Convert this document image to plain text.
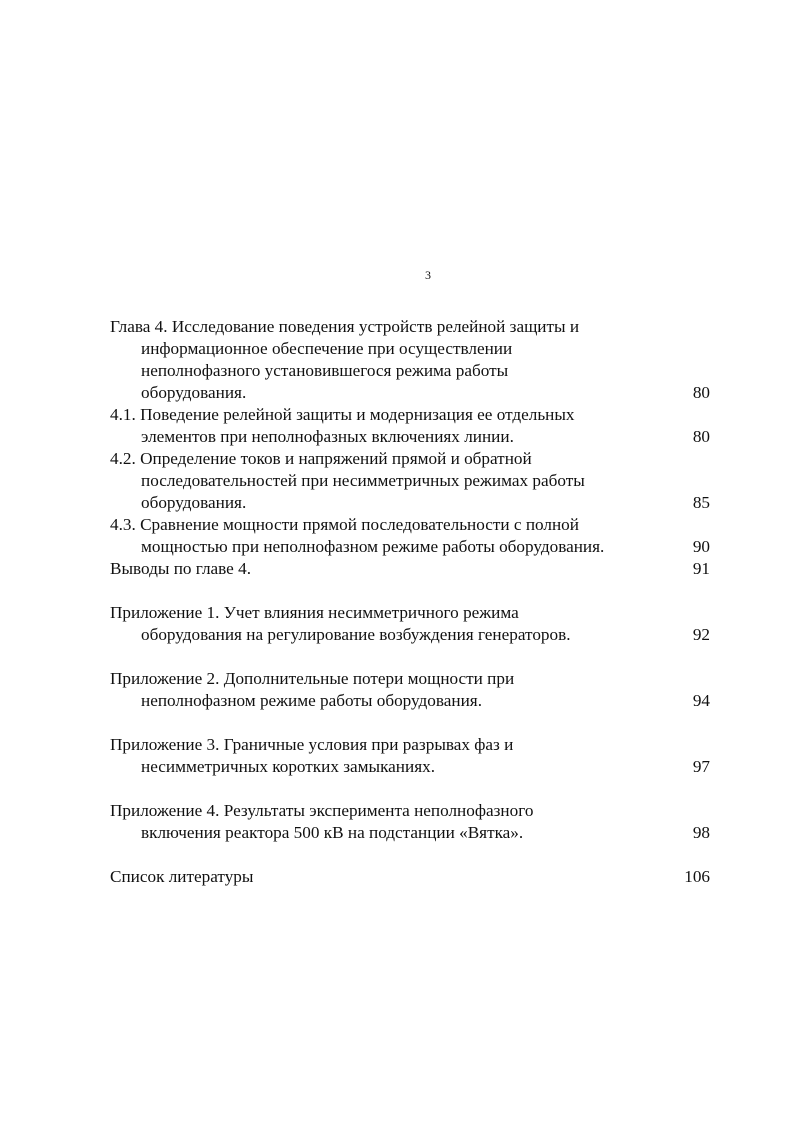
3
Глава 4. Исследование поведения устройств релейной защиты и
информационное обеспечение при осуществлении
неполнофазного установившегося режима работы
оборудования.	80
4.1. Поведение релейной защиты и модернизация ее отдельных
элементов при неполнофазных включениях линии.	80
4.2. Определение токов и напряжений прямой и обратной
последовательностей при несимметричных режимах работы
оборудования.	85
4.3. Сравнение мощности прямой последовательности с полной
мощностью при неполнофазном режиме работы оборудования.	90
Выводы по главе 4.	91
Приложение 1. Учет влияния несимметричного режима
оборудования на регулирование возбуждения генераторов.	92
Приложение 2. Дополнительные потери мощности при
неполнофазном режиме работы оборудования.	94
Приложение 3. Граничные условия при разрывах фаз и
несимметричных коротких замыканиях.	97
Приложение 4. Результаты эксперимента неполнофазного
включения реактора 500 кВ на подстанции «Вятка».	98
Список литературы	106
